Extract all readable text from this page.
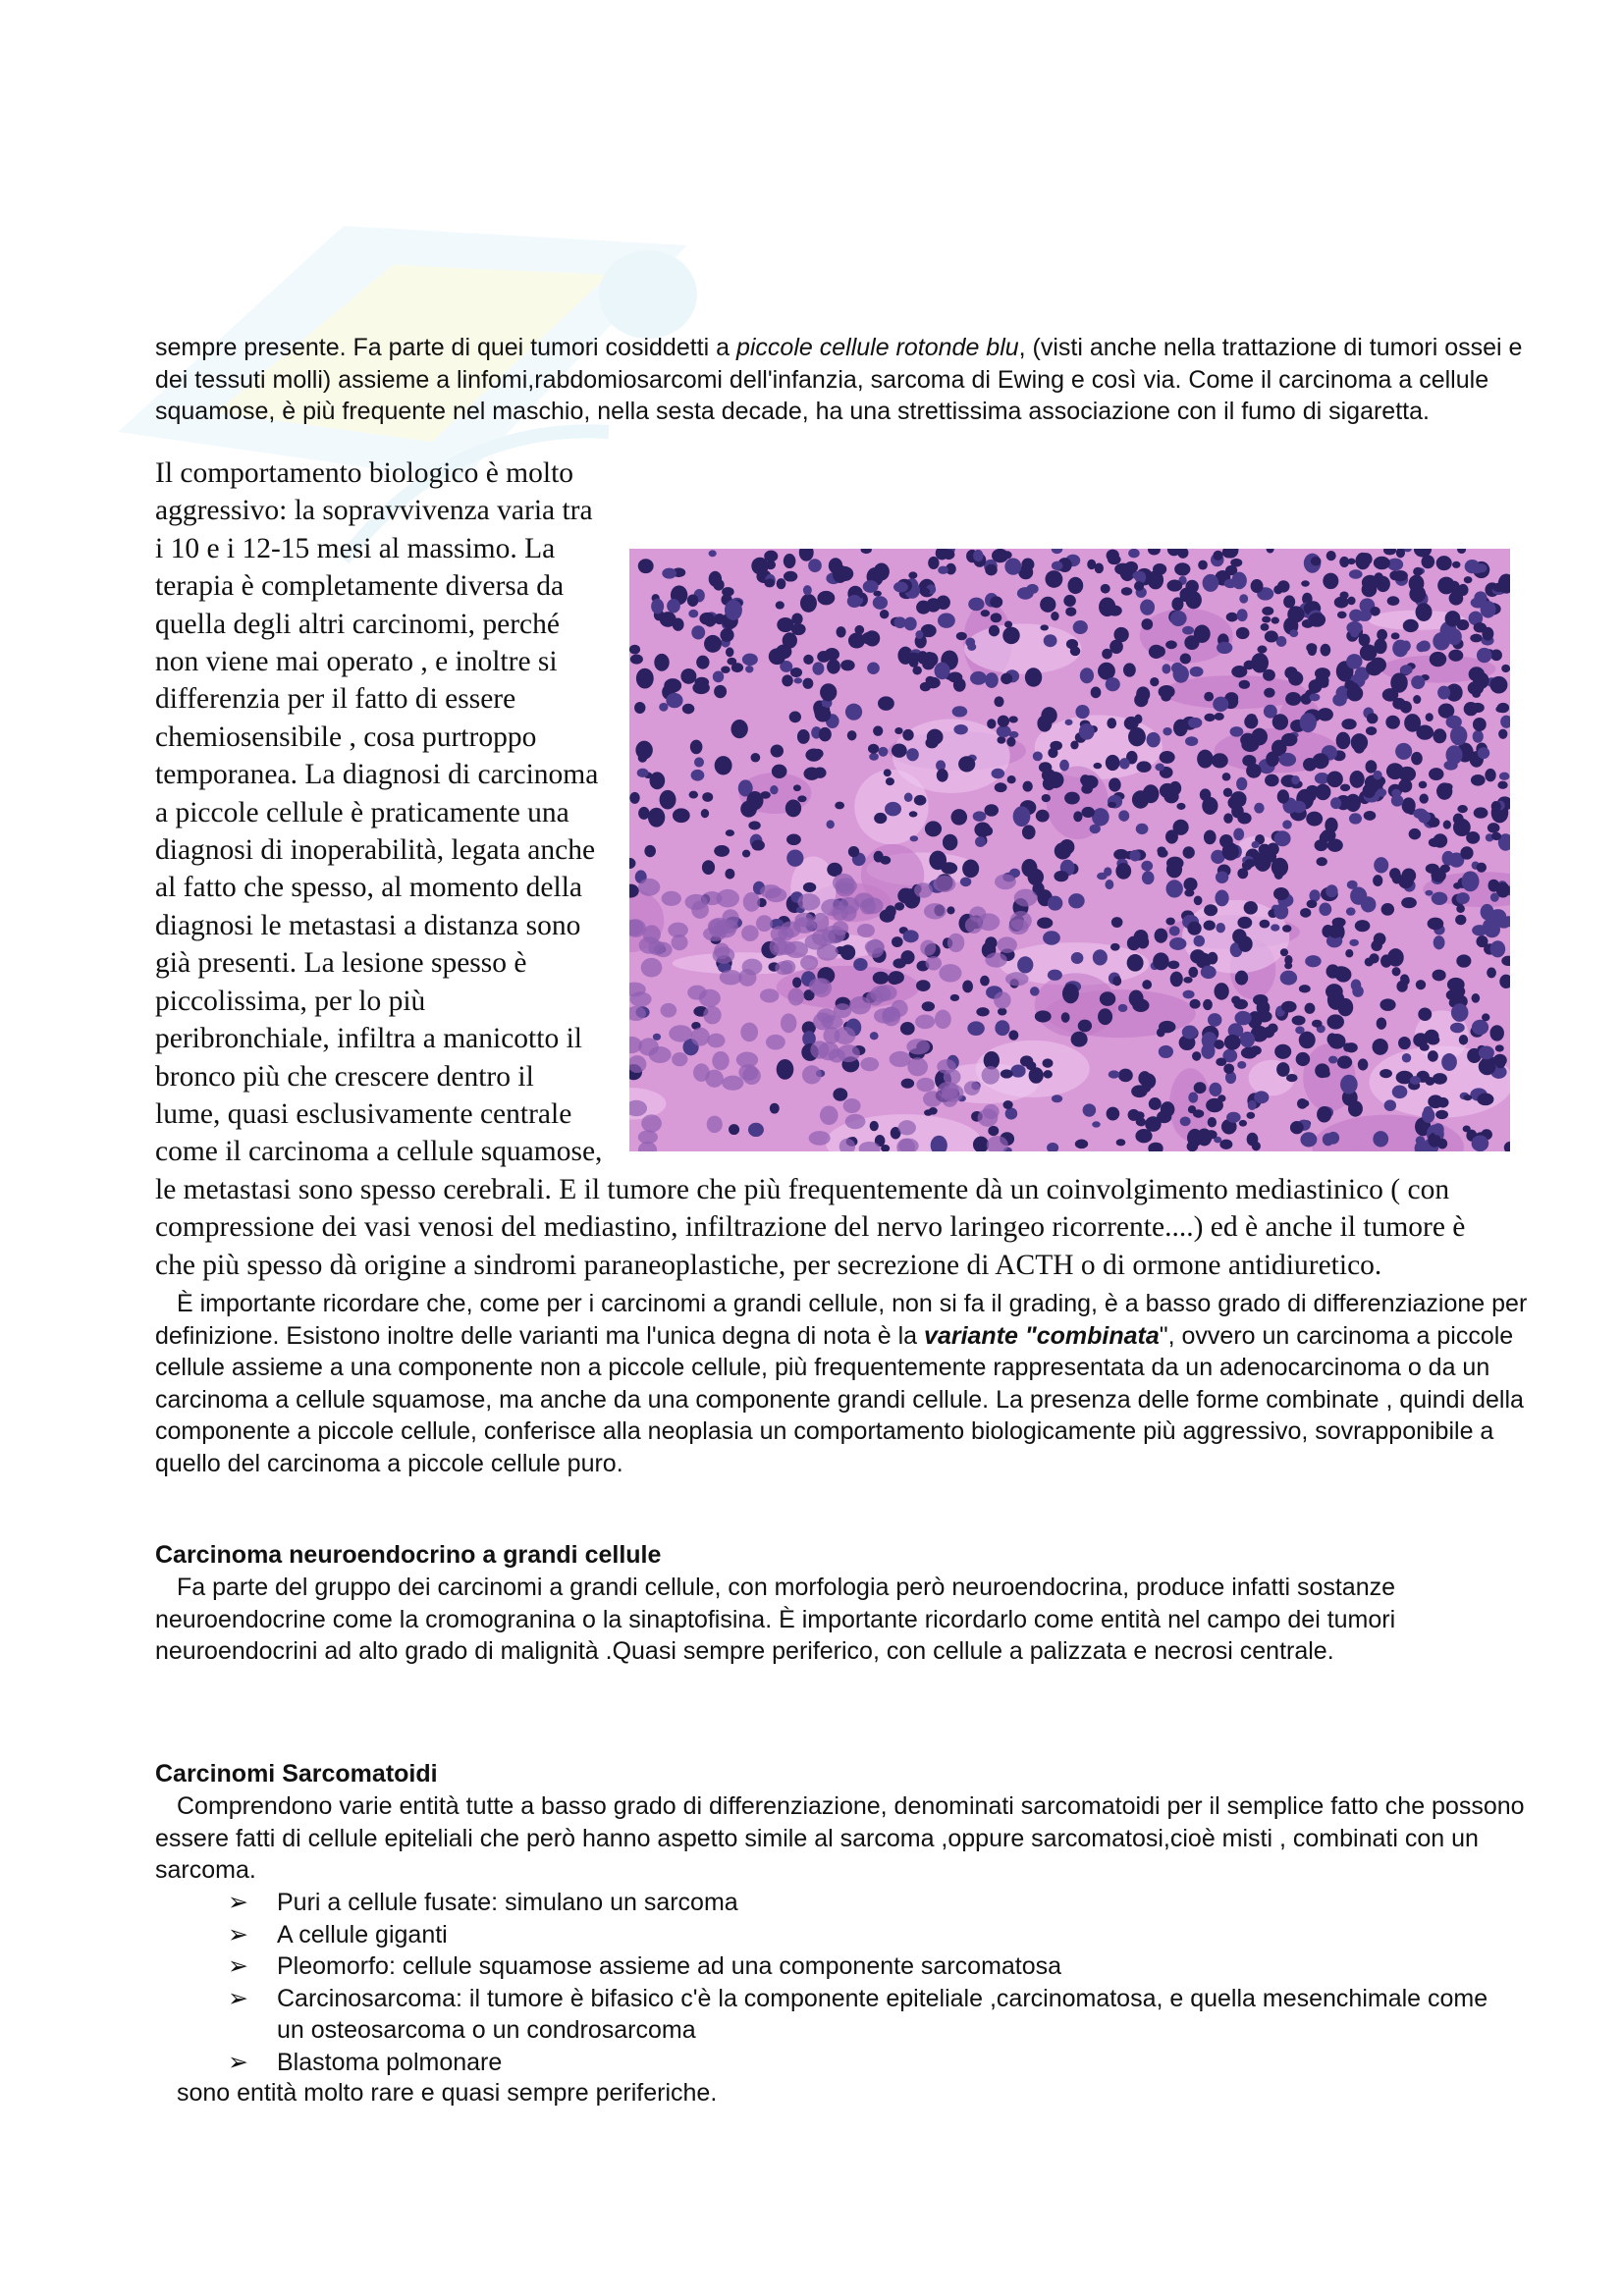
sempre presente. Fa parte di quei tumori cosiddetti a piccole cellule rotonde blu, (visti anche nella trattazione di tumori ossei e dei tessuti molli) assieme a linfomi,rabdomiosarcomi dell'infanzia, sarcoma di Ewing e così via. Come il carcinoma a cellule squamose, è più frequente nel maschio, nella sesta decade, ha una strettissima associazione con il fumo di sigaretta.

Il comportamento biologico è molto aggressivo: la sopravvivenza varia tra i 10 e i 12-15 mesi al massimo. La terapia è completamente diversa da quella degli altri carcinomi, perché non viene mai operato , e inoltre si differenzia per il fatto di essere chemiosensibile , cosa purtroppo temporanea. La diagnosi di carcinoma a piccole cellule è praticamente una diagnosi di inoperabilità, legata anche al fatto che spesso, al momento della diagnosi le metastasi a distanza sono già presenti. La lesione spesso è piccolissima, per lo più peribronchiale, infiltra a manicotto il bronco più che crescere dentro il lume, quasi esclusivamente centrale come il carcinoma a cellule squamose, le metastasi sono spesso cerebrali. E il tumore che più frequentemente dà un coinvolgimento mediastinico ( con compressione dei vasi venosi del mediastino, infiltrazione del nervo laringeo ricorrente....) ed è anche il tumore è che più spesso dà origine a sindromi paraneoplastiche, per secrezione di ACTH o di ormone antidiuretico.

È importante ricordare che, come per i carcinomi a grandi cellule, non si fa il grading, è a basso grado di differenziazione per definizione. Esistono inoltre delle varianti ma l'unica degna di nota è la variante "combinata", ovvero un carcinoma a piccole cellule assieme a una componente non a piccole cellule, più frequentemente rappresentata da un adenocarcinoma o da un carcinoma a cellule squamose, ma anche da una componente grandi cellule. La presenza delle forme combinate , quindi della componente a piccole cellule, conferisce alla neoplasia un comportamento biologicamente più aggressivo, sovrapponibile a quello del carcinoma a piccole cellule puro.

Carcinoma neuroendocrino a grandi cellule

Fa parte del gruppo dei carcinomi a grandi cellule, con morfologia però neuroendocrina, produce infatti sostanze neuroendocrine come la cromogranina o la sinaptofisina. È importante ricordarlo come entità nel campo dei tumori neuroendocrini ad alto grado di malignità .Quasi sempre periferico, con cellule a palizzata e necrosi centrale.

Carcinomi Sarcomatoidi

Comprendono varie entità tutte a basso grado di differenziazione, denominati sarcomatoidi per il semplice fatto che possono essere fatti di cellule epiteliali che però hanno aspetto simile al sarcoma ,oppure sarcomatosi,cioè misti , combinati con un sarcoma.

➢ Puri a cellule fusate: simulano un sarcoma
➢ A cellule giganti
➢ Pleomorfo: cellule squamose assieme ad una componente sarcomatosa
➢ Carcinosarcoma: il tumore è bifasico c'è la componente epiteliale ,carcinomatosa, e quella mesenchimale come un osteosarcoma o un condrosarcoma
➢ Blastoma polmonare

sono entità molto rare e quasi sempre periferiche.
